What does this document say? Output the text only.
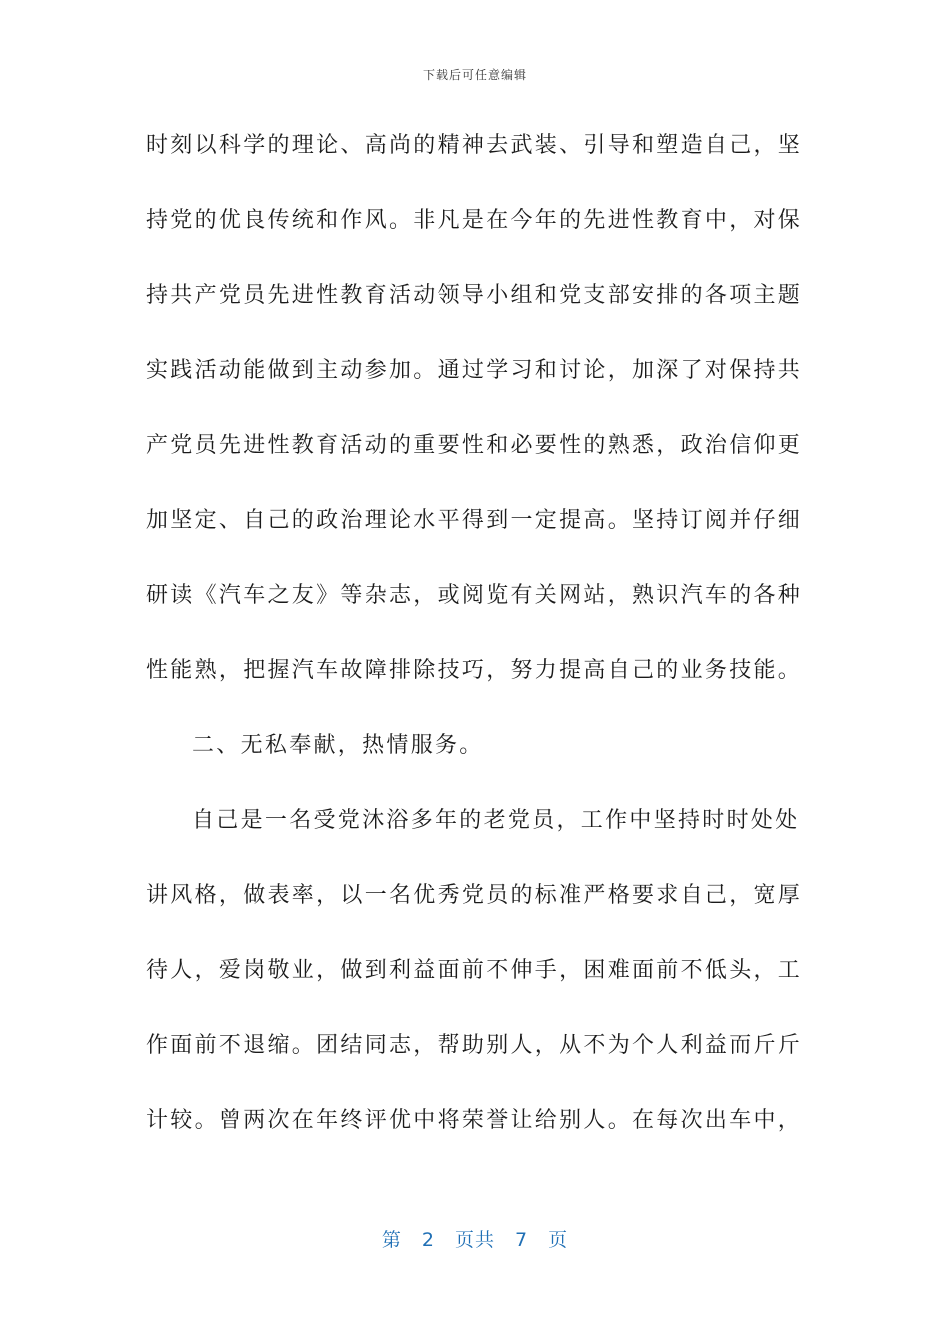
下载后可任意编辑
时刻以科学的理论、高尚的精神去武装、引导和塑造自己，坚
持党的优良传统和作风。非凡是在今年的先进性教育中，对保
持共产党员先进性教育活动领导小组和党支部安排的各项主题
实践活动能做到主动参加。通过学习和讨论，加深了对保持共
产党员先进性教育活动的重要性和必要性的熟悉，政治信仰更
加坚定、自己的政治理论水平得到一定提高。坚持订阅并仔细
研读《汽车之友》等杂志，或阅览有关网站，熟识汽车的各种
性能熟，把握汽车故障排除技巧，努力提高自己的业务技能。
二、无私奉献，热情服务。
自己是一名受党沐浴多年的老党员，工作中坚持时时处处
讲风格，做表率，以一名优秀党员的标准严格要求自己，宽厚
待人，爱岗敬业，做到利益面前不伸手，困难面前不低头，工
作面前不退缩。团结同志，帮助别人，从不为个人利益而斤斤
计较。曾两次在年终评优中将荣誉让给别人。在每次出车中，
第 2 页共 7 页
